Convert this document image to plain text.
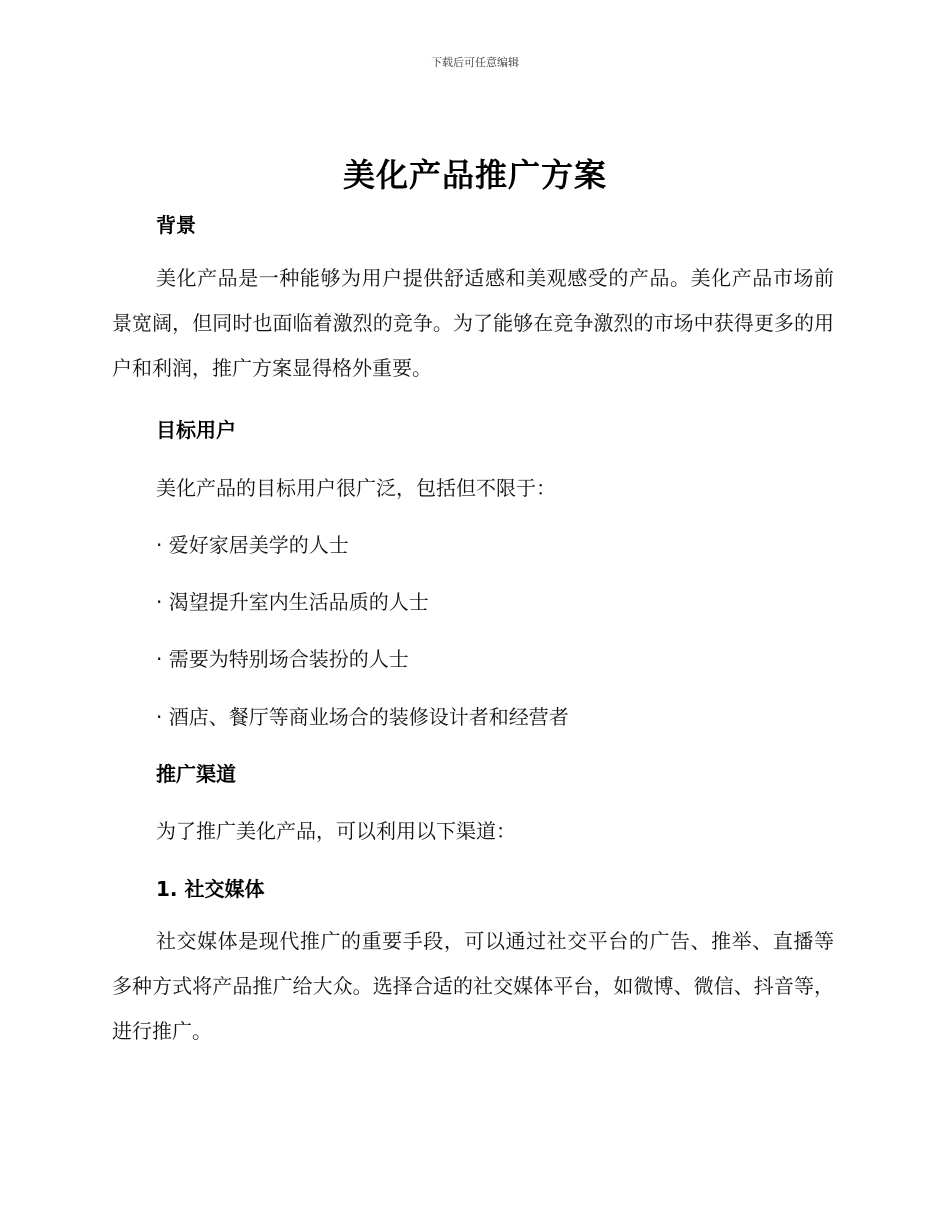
下载后可任意编辑
美化产品推广方案
背景
美化产品是一种能够为用户提供舒适感和美观感受的产品。美化产品市场前景宽阔，但同时也面临着激烈的竞争。为了能够在竞争激烈的市场中获得更多的用户和利润，推广方案显得格外重要。
目标用户
美化产品的目标用户很广泛，包括但不限于：
· 爱好家居美学的人士
· 渴望提升室内生活品质的人士
· 需要为特别场合装扮的人士
· 酒店、餐厅等商业场合的装修设计者和经营者
推广渠道
为了推广美化产品，可以利用以下渠道：
1. 社交媒体
社交媒体是现代推广的重要手段，可以通过社交平台的广告、推举、直播等多种方式将产品推广给大众。选择合适的社交媒体平台，如微博、微信、抖音等，进行推广。
